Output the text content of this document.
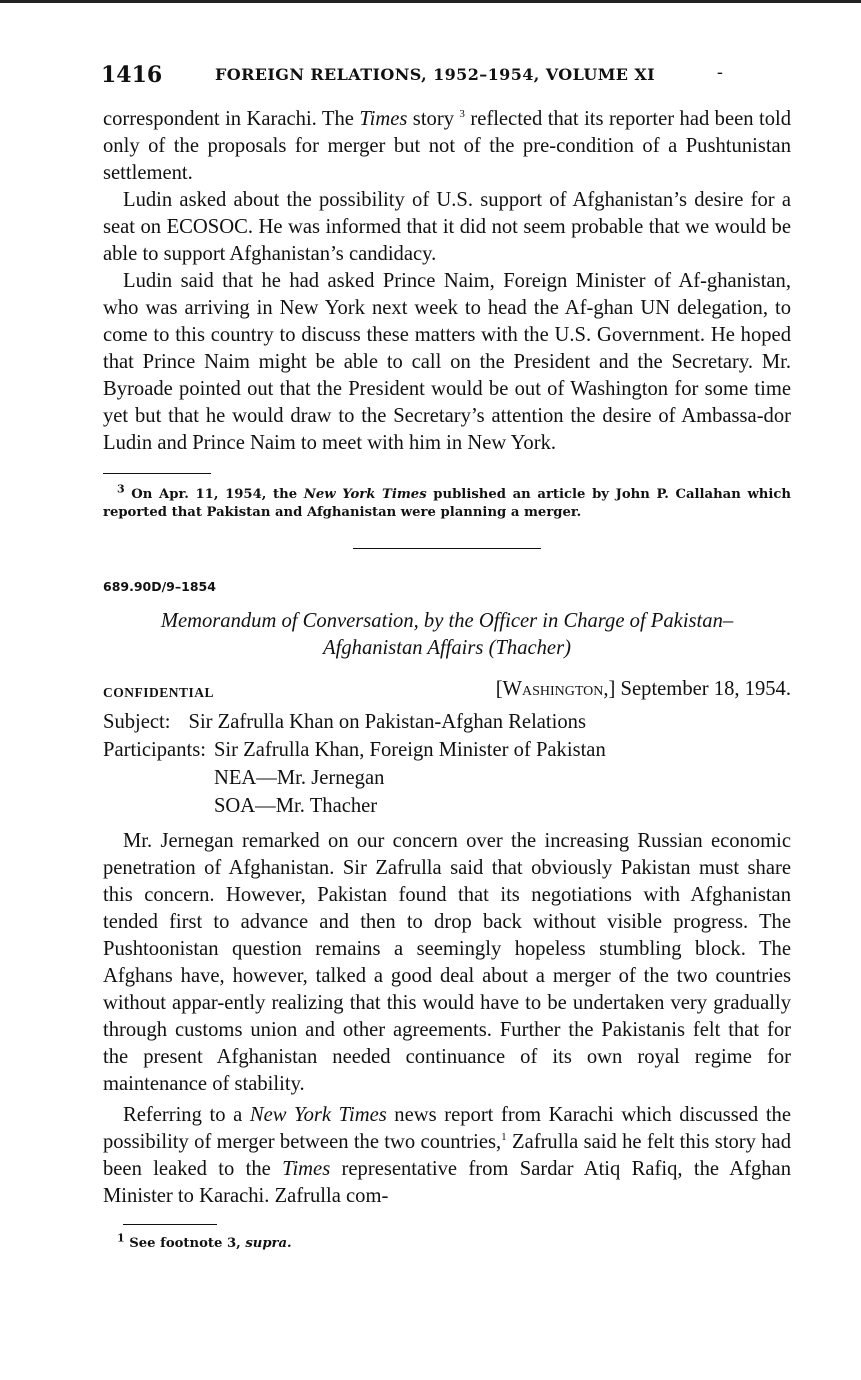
1416	FOREIGN RELATIONS, 1952–1954, VOLUME XI	-

correspondent in Karachi. The Times story $^3$ reflected that its reporter had been told only of the proposals for merger but not of the pre-condition of a Pushtunistan settlement.

Ludin asked about the possibility of U.S. support of Afghanistan’s desire for a seat on ECOSOC. He was informed that it did not seem probable that we would be able to support Afghanistan’s candidacy.

Ludin said that he had asked Prince Naim, Foreign Minister of Af-ghanistan, who was arriving in New York next week to head the Af-ghan UN delegation, to come to this country to discuss these matters with the U.S. Government. He hoped that Prince Naim might be able to call on the President and the Secretary. Mr. Byroade pointed out that the President would be out of Washington for some time yet but that he would draw to the Secretary’s attention the desire of Ambassa-dor Ludin and Prince Naim to meet with him in New York.

$^3$ On Apr. 11, 1954, the New York Times published an article by John P. Callahan which reported that Pakistan and Afghanistan were planning a merger.
689.90D/9–1854
Memorandum of Conversation, by the Officer in Charge of Pakistan–
Afghanistan Affairs (Thacher)
CONFIDENTIAL	[Washington,] September 18, 1954.
Subject: Sir Zafrulla Khan on Pakistan-Afghan Relations
Participants: Sir Zafrulla Khan, Foreign Minister of Pakistan
NEA—Mr. Jernegan
SOA—Mr. Thacher

Mr. Jernegan remarked on our concern over the increasing Russian economic penetration of Afghanistan. Sir Zafrulla said that obviously Pakistan must share this concern. However, Pakistan found that its negotiations with Afghanistan tended first to advance and then to drop back without visible progress. The Pushtoonistan question remains a seemingly hopeless stumbling block. The Afghans have, however, talked a good deal about a merger of the two countries without appar-ently realizing that this would have to be undertaken very gradually through customs union and other agreements. Further the Pakistanis felt that for the present Afghanistan needed continuance of its own royal regime for maintenance of stability.

Referring to a New York Times news report from Karachi which discussed the possibility of merger between the two countries,$^1$ Zafrulla said he felt this story had been leaked to the Times representative from Sardar Atiq Rafiq, the Afghan Minister to Karachi. Zafrulla com-

$^1$ See footnote 3, supra.
